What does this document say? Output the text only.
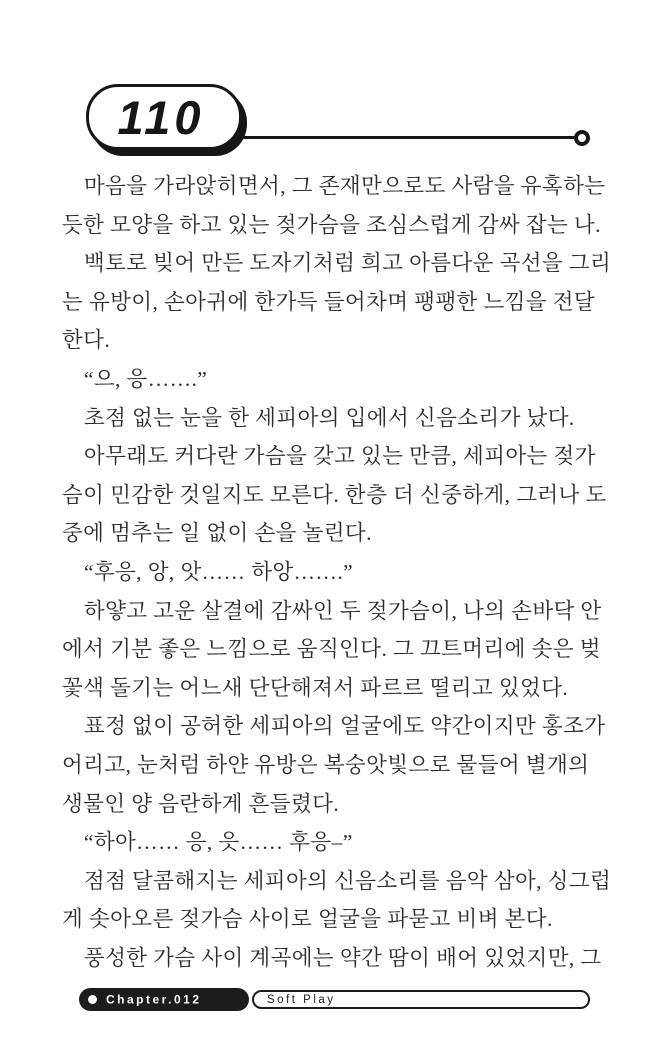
110
　마음을 가라앉히면서, 그 존재만으로도 사람을 유혹하는
듯한 모양을 하고 있는 젖가슴을 조심스럽게 감싸 잡는 나.
　백토로 빚어 만든 도자기처럼 희고 아름다운 곡선을 그리
는 유방이, 손아귀에 한가득 들어차며 팽팽한 느낌을 전달
한다.
　“으, 응…….”
　초점 없는 눈을 한 세피아의 입에서 신음소리가 났다.
　아무래도 커다란 가슴을 갖고 있는 만큼, 세피아는 젖가
슴이 민감한 것일지도 모른다. 한층 더 신중하게, 그러나 도
중에 멈추는 일 없이 손을 놀린다.
　“후응, 앙, 앗…… 하앙…….”
　하얗고 고운 살결에 감싸인 두 젖가슴이, 나의 손바닥 안
에서 기분 좋은 느낌으로 움직인다. 그 끄트머리에 솟은 벚
꽃색 돌기는 어느새 단단해져서 파르르 떨리고 있었다.
　표정 없이 공허한 세피아의 얼굴에도 약간이지만 홍조가
어리고, 눈처럼 하얀 유방은 복숭앗빛으로 물들어 별개의
생물인 양 음란하게 흔들렸다.
　“하아…… 응, 읏…… 후응–”
　점점 달콤해지는 세피아의 신음소리를 음악 삼아, 싱그럽
게 솟아오른 젖가슴 사이로 얼굴을 파묻고 비벼 본다.
　풍성한 가슴 사이 계곡에는 약간 땀이 배어 있었지만, 그
Chapter.012	Soft Play
